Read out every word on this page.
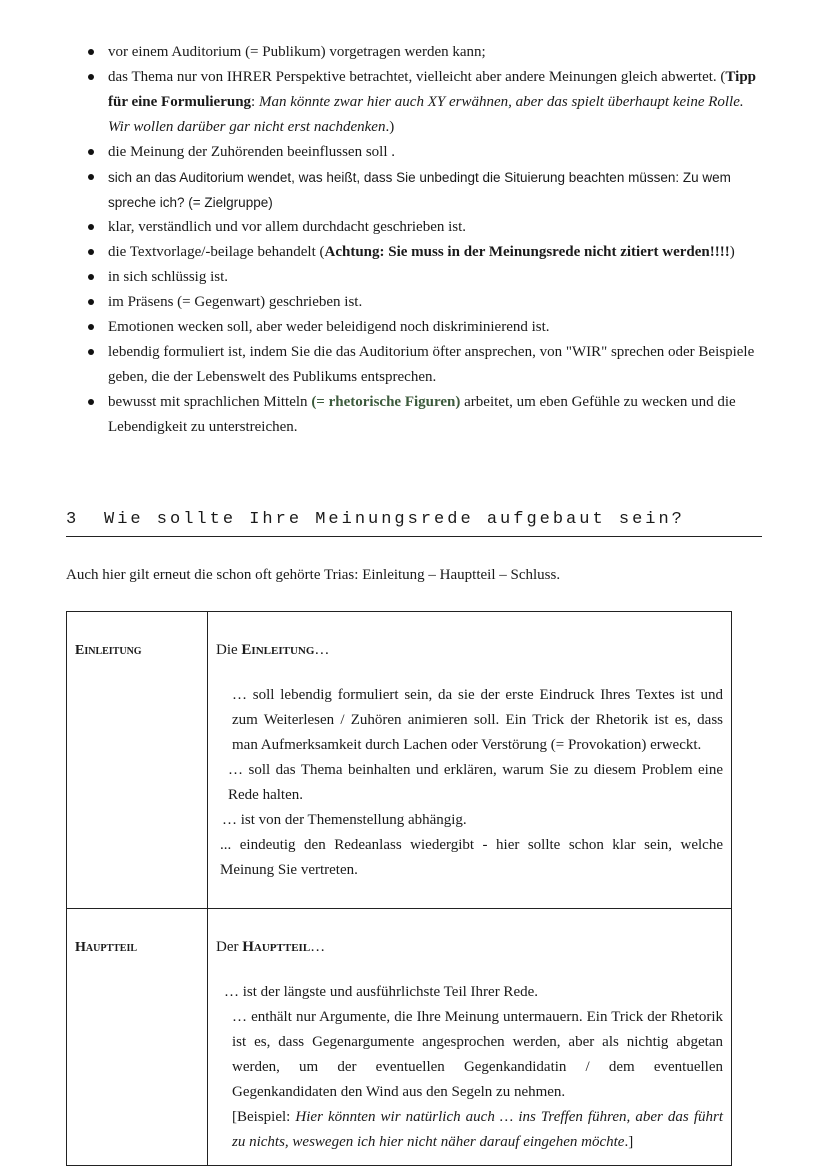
vor einem Auditorium (= Publikum) vorgetragen werden kann;
das Thema nur von IHRER Perspektive betrachtet, vielleicht aber andere Meinungen gleich abwertet. (Tipp für eine Formulierung: Man könnte zwar hier auch XY erwähnen, aber das spielt überhaupt keine Rolle. Wir wollen darüber gar nicht erst nachdenken.)
die Meinung der Zuhörenden beeinflussen soll .
sich an das Auditorium wendet, was heißt, dass Sie unbedingt die Situierung beachten müssen: Zu wem spreche ich? (= Zielgruppe)
klar, verständlich und vor allem durchdacht geschrieben ist.
die Textvorlage/-beilage behandelt (Achtung: Sie muss in der Meinungsrede nicht zitiert werden!!!!)
in sich schlüssig ist.
im Präsens (= Gegenwart) geschrieben ist.
Emotionen wecken soll, aber weder beleidigend noch diskriminierend ist.
lebendig formuliert ist, indem Sie die das Auditorium öfter ansprechen, von "WIR" sprechen oder Beispiele geben, die der Lebenswelt des Publikums entsprechen.
bewusst mit sprachlichen Mitteln (= rhetorische Figuren) arbeitet, um eben Gefühle zu wecken und die Lebendigkeit zu unterstreichen.
3 Wie sollte Ihre Meinungsrede aufgebaut sein?
Auch hier gilt erneut die schon oft gehörte Trias: Einleitung – Hauptteil – Schluss.
Einleitung	Die Einleitung…

… soll lebendig formuliert sein, da sie der erste Eindruck Ihres Textes ist und zum Weiterlesen / Zuhören animieren soll. Ein Trick der Rhetorik ist es, dass man Aufmerksamkeit durch Lachen oder Verstörung (= Provokation) erweckt.

… soll das Thema beinhalten und erklären, warum Sie zu diesem Problem eine Rede halten.

… ist von der Themenstellung abhängig.

... eindeutig den Redeanlass wiedergibt - hier sollte schon klar sein, welche Meinung Sie vertreten.

Hauptteil	Der Hauptteil…

… ist der längste und ausführlichste Teil Ihrer Rede.

… enthält nur Argumente, die Ihre Meinung untermauern. Ein Trick der Rhetorik ist es, dass Gegenargumente angesprochen werden, aber als nichtig abgetan werden, um der eventuellen Gegenkandidatin / dem eventuellen Gegenkandidaten den Wind aus den Segeln zu nehmen.

[Beispiel: Hier könnten wir natürlich auch … ins Treffen führen, aber das führt zu nichts, weswegen ich hier nicht näher darauf eingehen möchte.]
